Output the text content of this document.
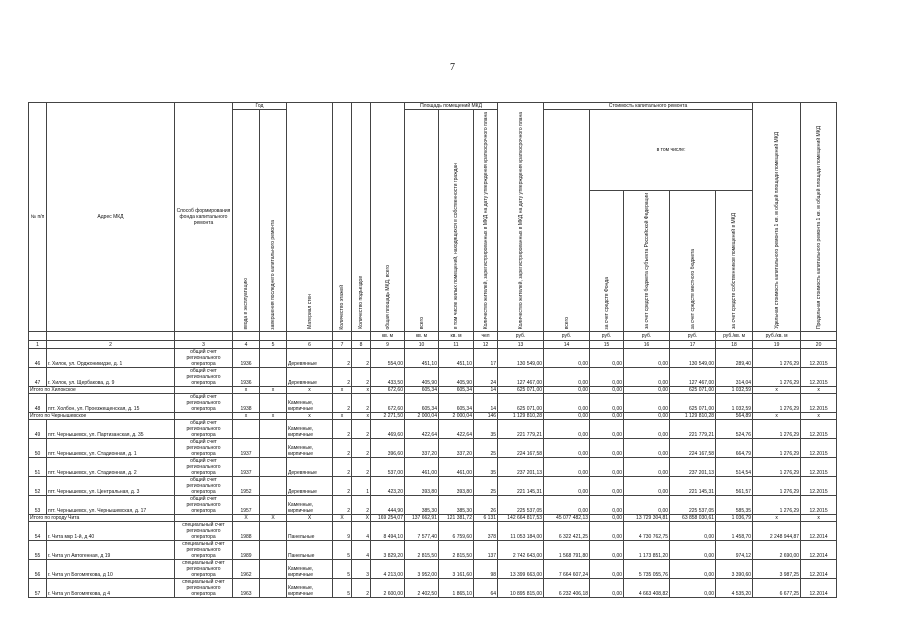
7
№ п/п	Адрес МКД	Способ формирования фонда капитального ремонта	Год		Материал стен	Количество этажей	Количество подъездов	общая площадь МКД, всего	Площадь помещений МКД			Количество жителей, зарегистрированных в МКД на дату утверждения краткосрочного плана	Стоимость капитального ремонта					Удельная стоимость капитального ремонта 1 кв. м общей площади помещений МКД	Предельная стоимость капитального ремонта 1 кв. м общей площади помещений МКД

			ввода в эксплуатацию	завершения последнего капитального ремонта					всего	в том числе жилых помещений, находящихся в собственности граждан	Количество жителей, зарегистрированных в МКД на дату утверждения краткосрочного плана		всего	в том числе:						

														за счет средств Фонда	за счет средств бюджета субъекта Российской Федерации	за счет средств местного бюджета	за счет средств собственников помещений в МКД			

								кв. м	кв. м	кв. м	чел	руб.	руб.	руб.	руб.	руб.	руб./кв. м	руб./кв. м		
1	2	3	4	5	6	7	8	9	10	11	12	13	14	15	16	17	18	19	20	
46	г. Хилок, ул. Орджоникидзе, д. 1	общий счет регионального оператора	1936		Деревянные	2	2	554,00	451,10	451,10	17	130 549,00	0,00	0,00	0,00	130 549,00	289,40	1 276,29	12.2015	
47	г. Хилок, ул. Щербакова, д. 9	общий счет регионального оператора	1936		Деревянные	2	2	433,50	405,90	405,90	24	127 467,00	0,00	0,00	0,00	127 467,00	314,04	1 276,29	12.2015	
Итого по Хилокское			x	x	x	x	x	672,60	605,34	605,34	14	625 071,00	0,00	0,00	0,00	625 071,00	1 032,59	x	x	
48	пгт. Холбон, ул. Проезжещенская, д. 15	общий счет регионального оператора	1938		Каменные, кирпичные	2	2	672,60	605,34	605,34	14	625 071,00	0,00	0,00	0,00	625 071,00	1 032,59	1 276,29	12.2015	
Итого по Чернышевское			x	x	x	x	x	2 271,50	2 000,04	2 000,04	146	1 129 810,28	0,00	0,00	0,00	1 129 810,28	564,89	x	x	
49	пгт. Чернышевск, ул. Партизанская, д. 35	общий счет регионального оператора			Каменные, кирпичные	2	2	469,60	422,64	422,64	35	221 779,21	0,00	0,00	0,00	221 779,21	524,76	1 276,29	12.2015	
50	пгт. Чернышевск, ул. Стадионная, д. 1	общий счет регионального оператора	1937		Каменные, кирпичные	2	2	396,60	337,20	337,20	25	224 167,58	0,00	0,00	0,00	224 167,58	664,79	1 276,29	12.2015	
51	пгт. Чернышевск, ул. Стадионная, д. 2	общий счет регионального оператора	1937		Деревянные	2	2	537,00	461,00	461,00	35	237 201,13	0,00	0,00	0,00	237 201,13	514,54	1 276,29	12.2015	
52	пгт. Чернышевск, ул. Центральная, д. 3	общий счет регионального оператора	1952		Деревянные	2	1	423,20	393,80	393,80	25	221 145,31	0,00	0,00	0,00	221 145,31	561,57	1 276,29	12.2015	
53	пгт. Чернышевск, ул. Чернышевская, д. 17	общий счет регионального оператора	1957		Каменные, кирпичные	2	2	444,90	385,30	385,30	26	225 537,05	0,00	0,00	0,00	225 537,05	585,35	1 276,29	12.2015	
Итого по городу Чита			X	X	X	X	X	169 254,07	137 662,91	121 381,72	6 131	142 664 817,53	45 077 482,13	0,00	13 729 304,81	63 858 030,61	1 036,79	x	x	
54	г. Чита мкр 1-й, д 40	специальный счет регионального оператора	1988		Панельные	9	4	8 494,10	7 577,40	6 759,60	378	11 053 184,00	6 322 421,25	0,00	4 730 762,75	0,00	1 458,70	2 248 944,87	12.2014	
55	г. Чита ул Автогенная, д 19	специальный счет регионального оператора	1989		Панельные	5	4	3 829,20	2 815,50	2 815,50	137	2 742 643,00	1 568 791,80	0,00	1 173 851,20	0,00	974,12	2 690,00	12.2014	
56	г. Чита ул Богомягкова, д 10	специальный счет регионального оператора	1962		Каменные, кирпичные	5	3	4 213,00	3 952,00	3 161,60	98	13 399 663,00	7 664 607,24	0,00	5 735 055,76	0,00	3 390,60	3 987,25	12.2014	
57	г. Чита ул Богомягкова, д 4	специальный счет регионального оператора	1963		Каменные, кирпичные	5	2	2 600,00	2 402,50	1 865,10	64	10 895 815,00	6 232 406,18	0,00	4 663 408,82	0,00	4 535,20	6 677,25	12.2014	
